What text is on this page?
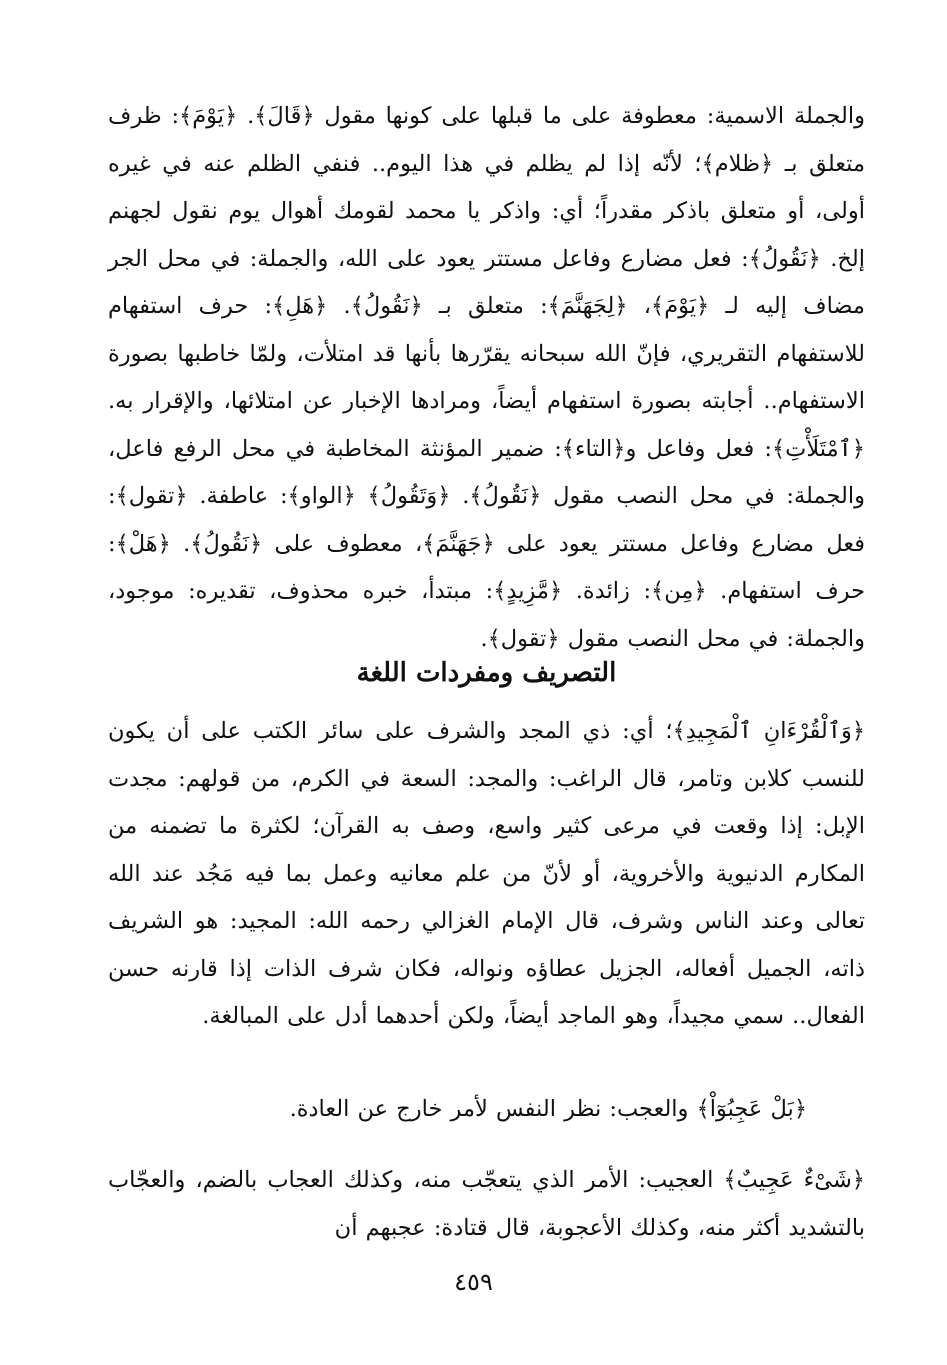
والجملة الاسمية: معطوفة على ما قبلها على كونها مقول ﴿قَالَ﴾. ﴿يَوْمَ﴾: ظرف متعلق بـ ﴿ظلام﴾؛ لأنّه إذا لم يظلم في هذا اليوم.. فنفي الظلم عنه في غيره أولى، أو متعلق باذكر مقدراً؛ أي: واذكر يا محمد لقومك أهوال يوم نقول لجهنم إلخ. ﴿نَقُولُ﴾: فعل مضارع وفاعل مستتر يعود على الله، والجملة: في محل الجر مضاف إليه لـ ﴿يَوْمَ﴾، ﴿لِجَهَنَّمَ﴾: متعلق بـ ﴿نَقُولُ﴾. ﴿هَلِ﴾: حرف استفهام للاستفهام التقريري، فإنّ الله سبحانه يقرّرها بأنها قد امتلأت، ولمّا خاطبها بصورة الاستفهام.. أجابته بصورة استفهام أيضاً، ومرادها الإخبار عن امتلائها، والإقرار به. ﴿ٱمْتَلَأْتِ﴾: فعل وفاعل و﴿التاء﴾: ضمير المؤنثة المخاطبة في محل الرفع فاعل، والجملة: في محل النصب مقول ﴿نَقُولُ﴾. ﴿وَتَقُولُ﴾ ﴿الواو﴾: عاطفة. ﴿تقول﴾: فعل مضارع وفاعل مستتر يعود على ﴿جَهَنَّمَ﴾، معطوف على ﴿نَقُولُ﴾. ﴿هَلْ﴾: حرف استفهام. ﴿مِن﴾: زائدة. ﴿مَّزِيدٍ﴾: مبتدأ، خبره محذوف، تقديره: موجود، والجملة: في محل النصب مقول ﴿تقول﴾.

التصريف ومفردات اللغة

﴿وَٱلْقُرْءَانِ ٱلْمَجِيدِ﴾؛ أي: ذي المجد والشرف على سائر الكتب على أن يكون للنسب كلابن وتامر، قال الراغب: والمجد: السعة في الكرم، من قولهم: مجدت الإبل: إذا وقعت في مرعى كثير واسع، وصف به القرآن؛ لكثرة ما تضمنه من المكارم الدنيوية والأخروية، أو لأنّ من علم معانيه وعمل بما فيه مَجُد عند الله تعالى وعند الناس وشرف، قال الإمام الغزالي رحمه الله: المجيد: هو الشريف ذاته، الجميل أفعاله، الجزيل عطاؤه ونواله، فكان شرف الذات إذا قارنه حسن الفعال.. سمي مجيداً، وهو الماجد أيضاً، ولكن أحدهما أدل على المبالغة.

﴿بَلْ عَجِبُوٓاْ﴾ والعجب: نظر النفس لأمر خارج عن العادة.

﴿شَىْءٌ عَجِيبٌ﴾ العجيب: الأمر الذي يتعجّب منه، وكذلك العجاب بالضم، والعجّاب بالتشديد أكثر منه، وكذلك الأعجوبة، قال قتادة: عجبهم أن

٤٥٩
